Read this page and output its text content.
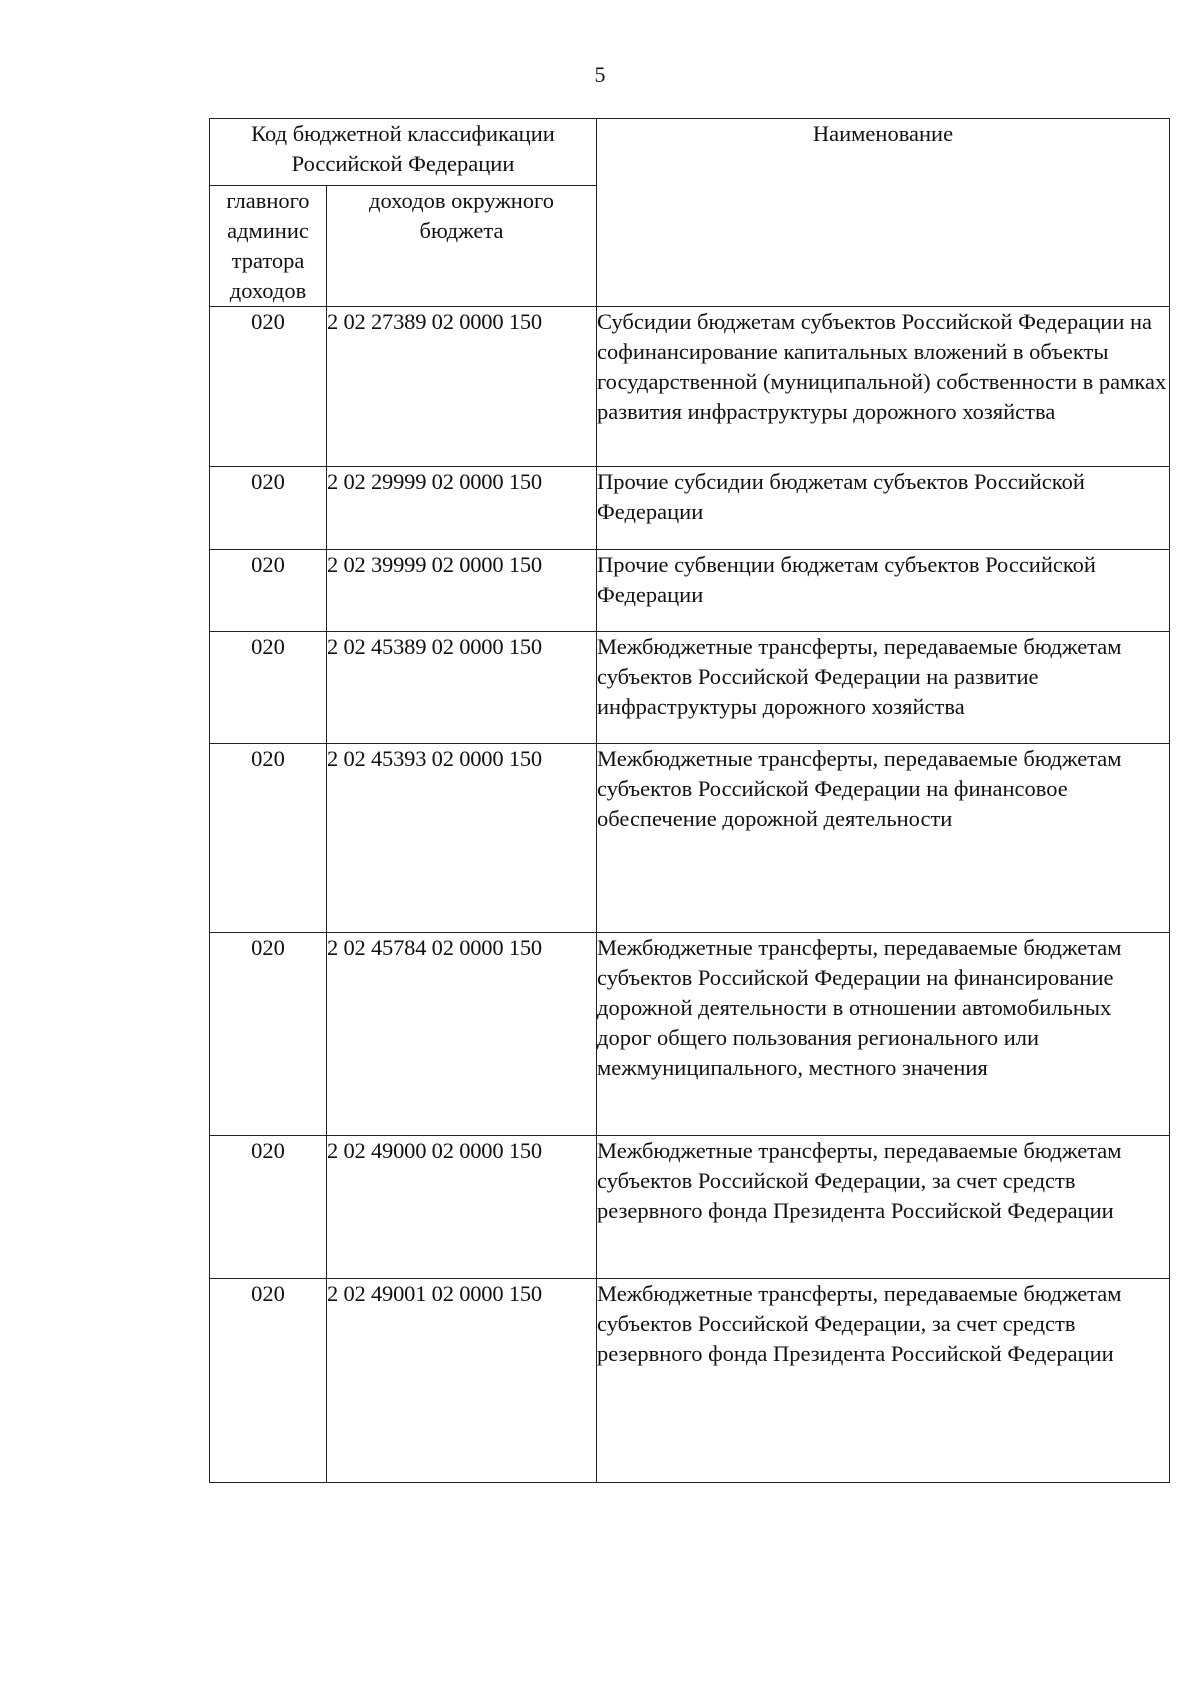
5
Код бюджетной классификации Российской Федерации		Наименование
главного админис тратора доходов	доходов окружного бюджета	
020	2 02 27389 02 0000 150	Субсидии бюджетам субъектов Российской Федерации на софинансирование капитальных вложений в объекты государственной (муниципальной) собственности в рамках развития инфраструктуры дорожного хозяйства
020	2 02 29999 02 0000 150	Прочие субсидии бюджетам субъектов Российской Федерации
020	2 02 39999 02 0000 150	Прочие субвенции бюджетам субъектов Российской Федерации
020	2 02 45389 02 0000 150	Межбюджетные трансферты, передаваемые бюджетам субъектов Российской Федерации на развитие инфраструктуры дорожного хозяйства
020	2 02 45393 02 0000 150	Межбюджетные трансферты, передаваемые бюджетам субъектов Российской Федерации на финансовое обеспечение дорожной деятельности
020	2 02 45784 02 0000 150	Межбюджетные трансферты, передаваемые бюджетам субъектов Российской Федерации на финансирование дорожной деятельности в отношении автомобильных дорог общего пользования регионального или межмуниципального, местного значения
020	2 02 49000 02 0000 150	Межбюджетные трансферты, передаваемые бюджетам субъектов Российской Федерации, за счет средств резервного фонда Президента Российской Федерации
020	2 02 49001 02 0000 150	Межбюджетные трансферты, передаваемые бюджетам субъектов Российской Федерации, за счет средств резервного фонда Президента Российской Федерации
